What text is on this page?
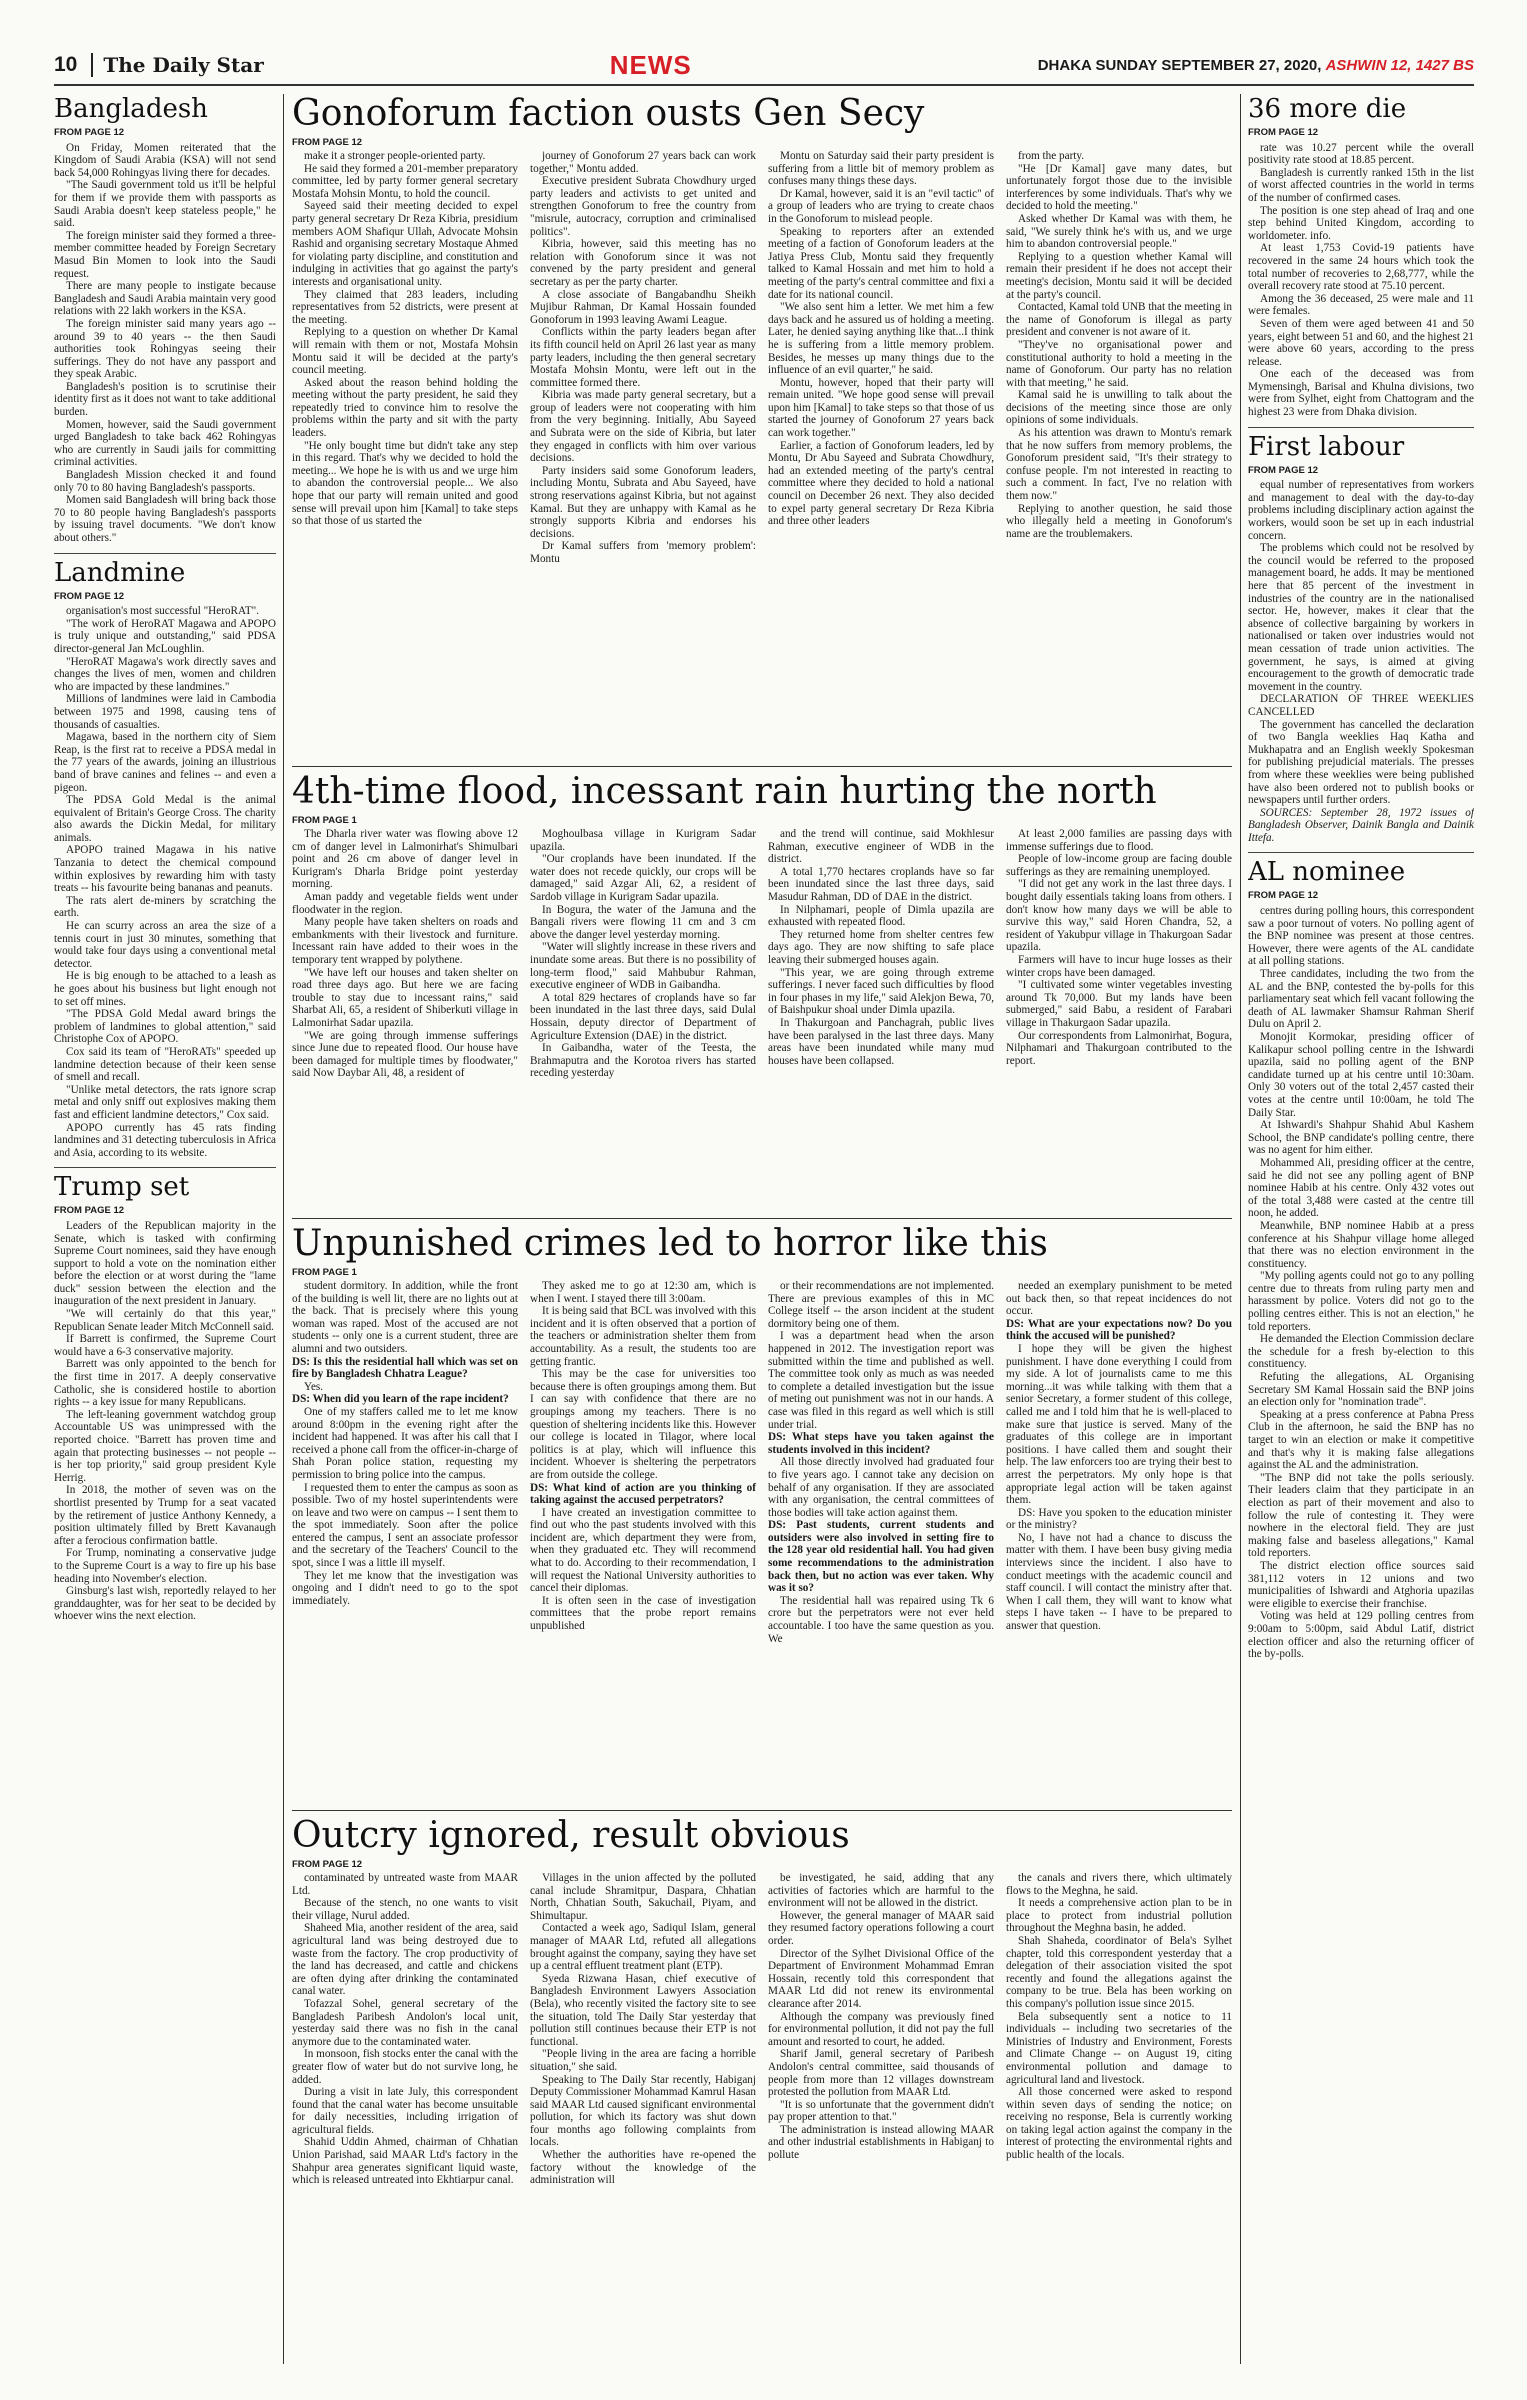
10	The Daily Star	NEWS	DHAKA SUNDAY SEPTEMBER 27, 2020, ASHWIN 12, 1427 BS
Bangladesh
FROM PAGE 12

On Friday, Momen reiterated that the Kingdom of Saudi Arabia (KSA) will not send back 54,000 Rohingyas living there for decades.

"The Saudi government told us it'll be helpful for them if we provide them with passports as Saudi Arabia doesn't keep stateless people," he said.

The foreign minister said they formed a three-member committee headed by Foreign Secretary Masud Bin Momen to look into the Saudi request.

There are many people to instigate because Bangladesh and Saudi Arabia maintain very good relations with 22 lakh workers in the KSA.

The foreign minister said many years ago -- around 39 to 40 years -- the then Saudi authorities took Rohingyas seeing their sufferings. They do not have any passport and they speak Arabic.

Bangladesh's position is to scrutinise their identity first as it does not want to take additional burden.

Momen, however, said the Saudi government urged Bangladesh to take back 462 Rohingyas who are currently in Saudi jails for committing criminal activities.

Bangladesh Mission checked it and found only 70 to 80 having Bangladesh's passports.

Momen said Bangladesh will bring back those 70 to 80 people having Bangladesh's passports by issuing travel documents. "We don't know about others."

Landmine
FROM PAGE 12

organisation's most successful "HeroRAT".

"The work of HeroRAT Magawa and APOPO is truly unique and outstanding," said PDSA director-general Jan McLoughlin.

"HeroRAT Magawa's work directly saves and changes the lives of men, women and children who are impacted by these landmines."

Millions of landmines were laid in Cambodia between 1975 and 1998, causing tens of thousands of casualties.

Magawa, based in the northern city of Siem Reap, is the first rat to receive a PDSA medal in the 77 years of the awards, joining an illustrious band of brave canines and felines -- and even a pigeon.

The PDSA Gold Medal is the animal equivalent of Britain's George Cross. The charity also awards the Dickin Medal, for military animals.

APOPO trained Magawa in his native Tanzania to detect the chemical compound within explosives by rewarding him with tasty treats -- his favourite being bananas and peanuts.

The rats alert de-miners by scratching the earth.

He can scurry across an area the size of a tennis court in just 30 minutes, something that would take four days using a conventional metal detector.

He is big enough to be attached to a leash as he goes about his business but light enough not to set off mines.

"The PDSA Gold Medal award brings the problem of landmines to global attention," said Christophe Cox of APOPO.

Cox said its team of "HeroRATs" speeded up landmine detection because of their keen sense of smell and recall.

"Unlike metal detectors, the rats ignore scrap metal and only sniff out explosives making them fast and efficient landmine detectors," Cox said.

APOPO currently has 45 rats finding landmines and 31 detecting tuberculosis in Africa and Asia, according to its website.

Trump set
FROM PAGE 12

Leaders of the Republican majority in the Senate, which is tasked with confirming Supreme Court nominees, said they have enough support to hold a vote on the nomination either before the election or at worst during the "lame duck" session between the election and the inauguration of the next president in January.

"We will certainly do that this year," Republican Senate leader Mitch McConnell said.

If Barrett is confirmed, the Supreme Court would have a 6-3 conservative majority.

Barrett was only appointed to the bench for the first time in 2017. A deeply conservative Catholic, she is considered hostile to abortion rights -- a key issue for many Republicans.

The left-leaning government watchdog group Accountable US was unimpressed with the reported choice. "Barrett has proven time and again that protecting businesses -- not people -- is her top priority," said group president Kyle Herrig.

In 2018, the mother of seven was on the shortlist presented by Trump for a seat vacated by the retirement of justice Anthony Kennedy, a position ultimately filled by Brett Kavanaugh after a ferocious confirmation battle.

For Trump, nominating a conservative judge to the Supreme Court is a way to fire up his base heading into November's election.

Ginsburg's last wish, reportedly relayed to her granddaughter, was for her seat to be decided by whoever wins the next election.

Gonoforum faction ousts Gen Secy
FROM PAGE 12

make it a stronger people-oriented party.

He said they formed a 201-member preparatory committee, led by party former general secretary Mostafa Mohsin Montu, to hold the council.

Sayeed said their meeting decided to expel party general secretary Dr Reza Kibria, presidium members AOM Shafiqur Ullah, Advocate Mohsin Rashid and organising secretary Mostaque Ahmed for violating party discipline, and constitution and indulging in activities that go against the party's interests and organisational unity.

They claimed that 283 leaders, including representatives from 52 districts, were present at the meeting.

Replying to a question on whether Dr Kamal will remain with them or not, Mostafa Mohsin Montu said it will be decided at the party's council meeting.

Asked about the reason behind holding the meeting without the party president, he said they repeatedly tried to convince him to resolve the problems within the party and sit with the party leaders.

"He only bought time but didn't take any step in this regard. That's why we decided to hold the meeting... We hope he is with us and we urge him to abandon the controversial people... We also hope that our party will remain united and good sense will prevail upon him [Kamal] to take steps so that those of us started the

journey of Gonoforum 27 years back can work together," Montu added.

Executive president Subrata Chowdhury urged party leaders and activists to get united and strengthen Gonoforum to free the country from "misrule, autocracy, corruption and criminalised politics".

Kibria, however, said this meeting has no relation with Gonoforum since it was not convened by the party president and general secretary as per the party charter.

A close associate of Bangabandhu Sheikh Mujibur Rahman, Dr Kamal Hossain founded Gonoforum in 1993 leaving Awami League.

Conflicts within the party leaders began after its fifth council held on April 26 last year as many party leaders, including the then general secretary Mostafa Mohsin Montu, were left out in the committee formed there.

Kibria was made party general secretary, but a group of leaders were not cooperating with him from the very beginning. Initially, Abu Sayeed and Subrata were on the side of Kibria, but later they engaged in conflicts with him over various decisions.

Party insiders said some Gonoforum leaders, including Montu, Subrata and Abu Sayeed, have strong reservations against Kibria, but not against Kamal. But they are unhappy with Kamal as he strongly supports Kibria and endorses his decisions.

Dr Kamal suffers from 'memory problem': Montu

Montu on Saturday said their party president is suffering from a little bit of memory problem as confuses many things these days.

Dr Kamal, however, said it is an "evil tactic" of a group of leaders who are trying to create chaos in the Gonoforum to mislead people.

Speaking to reporters after an extended meeting of a faction of Gonoforum leaders at the Jatiya Press Club, Montu said they frequently talked to Kamal Hossain and met him to hold a meeting of the party's central committee and fixi a date for its national council.

"We also sent him a letter. We met him a few days back and he assured us of holding a meeting. Later, he denied saying anything like that...I think he is suffering from a little memory problem. Besides, he messes up many things due to the influence of an evil quarter," he said.

Montu, however, hoped that their party will remain united. "We hope good sense will prevail upon him [Kamal] to take steps so that those of us started the journey of Gonoforum 27 years back can work together."

Earlier, a faction of Gonoforum leaders, led by Montu, Dr Abu Sayeed and Subrata Chowdhury, had an extended meeting of the party's central committee where they decided to hold a national council on December 26 next. They also decided to expel party general secretary Dr Reza Kibria and three other leaders

from the party.

"He [Dr Kamal] gave many dates, but unfortunately forgot those due to the invisible interferences by some individuals. That's why we decided to hold the meeting."

Asked whether Dr Kamal was with them, he said, "We surely think he's with us, and we urge him to abandon controversial people."

Replying to a question whether Kamal will remain their president if he does not accept their meeting's decision, Montu said it will be decided at the party's council.

Contacted, Kamal told UNB that the meeting in the name of Gonoforum is illegal as party president and convener is not aware of it.

"They've no organisational power and constitutional authority to hold a meeting in the name of Gonoforum. Our party has no relation with that meeting," he said.

Kamal said he is unwilling to talk about the decisions of the meeting since those are only opinions of some individuals.

As his attention was drawn to Montu's remark that he now suffers from memory problems, the Gonoforum president said, "It's their strategy to confuse people. I'm not interested in reacting to such a comment. In fact, I've no relation with them now."

Replying to another question, he said those who illegally held a meeting in Gonoforum's name are the troublemakers.

4th-time flood, incessant rain hurting the north
FROM PAGE 1

The Dharla river water was flowing above 12 cm of danger level in Lalmonirhat's Shimulbari point and 26 cm above of danger level in Kurigram's Dharla Bridge point yesterday morning.

Aman paddy and vegetable fields went under floodwater in the region.

Many people have taken shelters on roads and embankments with their livestock and furniture. Incessant rain have added to their woes in the temporary tent wrapped by polythene.

"We have left our houses and taken shelter on road three days ago. But here we are facing trouble to stay due to incessant rains," said Sharbat Ali, 65, a resident of Shiberkuti village in Lalmonirhat Sadar upazila.

"We are going through immense sufferings since June due to repeated flood. Our house have been damaged for multiple times by floodwater," said Now Daybar Ali, 48, a resident of

Moghoulbasa village in Kurigram Sadar upazila.

"Our croplands have been inundated. If the water does not recede quickly, our crops will be damaged," said Azgar Ali, 62, a resident of Sardob village in Kurigram Sadar upazila.

In Bogura, the water of the Jamuna and the Bangali rivers were flowing 11 cm and 3 cm above the danger level yesterday morning.

"Water will slightly increase in these rivers and inundate some areas. But there is no possibility of long-term flood," said Mahbubur Rahman, executive engineer of WDB in Gaibandha.

A total 829 hectares of croplands have so far been inundated in the last three days, said Dulal Hossain, deputy director of Department of Agriculture Extension (DAE) in the district.

In Gaibandha, water of the Teesta, the Brahmaputra and the Korotoa rivers has started receding yesterday

and the trend will continue, said Mokhlesur Rahman, executive engineer of WDB in the district.

A total 1,770 hectares croplands have so far been inundated since the last three days, said Masudur Rahman, DD of DAE in the district.

In Nilphamari, people of Dimla upazila are exhausted with repeated flood.

They returned home from shelter centres few days ago. They are now shifting to safe place leaving their submerged houses again.

"This year, we are going through extreme sufferings. I never faced such difficulties by flood in four phases in my life," said Alekjon Bewa, 70, of Baishpukur shoal under Dimla upazila.

In Thakurgoan and Panchagrah, public lives have been paralysed in the last three days. Many areas have been inundated while many mud houses have been collapsed.

At least 2,000 families are passing days with immense sufferings due to flood.

People of low-income group are facing double sufferings as they are remaining unemployed.

"I did not get any work in the last three days. I bought daily essentials taking loans from others. I don't know how many days we will be able to survive this way," said Horen Chandra, 52, a resident of Yakubpur village in Thakurgoan Sadar upazila.

Farmers will have to incur huge losses as their winter crops have been damaged.

"I cultivated some winter vegetables investing around Tk 70,000. But my lands have been submerged," said Babu, a resident of Farabari village in Thakurgaon Sadar upazila.

Our correspondents from Lalmonirhat, Bogura, Nilphamari and Thakurgoan contributed to the report.

Unpunished crimes led to horror like this
FROM PAGE 1

student dormitory. In addition, while the front of the building is well lit, there are no lights out at the back. That is precisely where this young woman was raped. Most of the accused are not students -- only one is a current student, three are alumni and two outsiders.

DS: Is this the residential hall which was set on fire by Bangladesh Chhatra League?

Yes.

DS: When did you learn of the rape incident?

One of my staffers called me to let me know around 8:00pm in the evening right after the incident had happened. It was after his call that I received a phone call from the officer-in-charge of Shah Poran police station, requesting my permission to bring police into the campus.

I requested them to enter the campus as soon as possible. Two of my hostel superintendents were on leave and two were on campus -- I sent them to the spot immediately. Soon after the police entered the campus, I sent an associate professor and the secretary of the Teachers' Council to the spot, since I was a little ill myself.

They let me know that the investigation was ongoing and I didn't need to go to the spot immediately.

They asked me to go at 12:30 am, which is when I went. I stayed there till 3:00am.

It is being said that BCL was involved with this incident and it is often observed that a portion of the teachers or administration shelter them from accountability. As a result, the students too are getting frantic.

This may be the case for universities too because there is often groupings among them. But I can say with confidence that there are no groupings among my teachers. There is no question of sheltering incidents like this. However our college is located in Tilagor, where local politics is at play, which will influence this incident. Whoever is sheltering the perpetrators are from outside the college.

DS: What kind of action are you thinking of taking against the accused perpetrators?

I have created an investigation committee to find out who the past students involved with this incident are, which department they were from, when they graduated etc. They will recommend what to do. According to their recommendation, I will request the National University authorities to cancel their diplomas.

It is often seen in the case of investigation committees that the probe report remains unpublished

or their recommendations are not implemented. There are previous examples of this in MC College itself -- the arson incident at the student dormitory being one of them.

I was a department head when the arson happened in 2012. The investigation report was submitted within the time and published as well. The committee took only as much as was needed to complete a detailed investigation but the issue of meting out punishment was not in our hands. A case was filed in this regard as well which is still under trial.

DS: What steps have you taken against the students involved in this incident?

All those directly involved had graduated four to five years ago. I cannot take any decision on behalf of any organisation. If they are associated with any organisation, the central committees of those bodies will take action against them.

DS: Past students, current students and outsiders were also involved in setting fire to the 128 year old residential hall. You had given some recommendations to the administration back then, but no action was ever taken. Why was it so?

The residential hall was repaired using Tk 6 crore but the perpetrators were not ever held accountable. I too have the same question as you. We

needed an exemplary punishment to be meted out back then, so that repeat incidences do not occur.

DS: What are your expectations now? Do you think the accused will be punished?

I hope they will be given the highest punishment. I have done everything I could from my side. A lot of journalists came to me this morning...it was while talking with them that a senior Secretary, a former student of this college, called me and I told him that he is well-placed to make sure that justice is served. Many of the graduates of this college are in important positions. I have called them and sought their help. The law enforcers too are trying their best to arrest the perpetrators. My only hope is that appropriate legal action will be taken against them.

DS: Have you spoken to the education minister or the ministry?

No, I have not had a chance to discuss the matter with them. I have been busy giving media interviews since the incident. I also have to conduct meetings with the academic council and staff council. I will contact the ministry after that. When I call them, they will want to know what steps I have taken -- I have to be prepared to answer that question.

Outcry ignored, result obvious
FROM PAGE 12

contaminated by untreated waste from MAAR Ltd.

Because of the stench, no one wants to visit their village, Nurul added.

Shaheed Mia, another resident of the area, said agricultural land was being destroyed due to waste from the factory. The crop productivity of the land has decreased, and cattle and chickens are often dying after drinking the contaminated canal water.

Tofazzal Sohel, general secretary of the Bangladesh Paribesh Andolon's local unit, yesterday said there was no fish in the canal anymore due to the contaminated water.

In monsoon, fish stocks enter the canal with the greater flow of water but do not survive long, he added.

During a visit in late July, this correspondent found that the canal water has become unsuitable for daily necessities, including irrigation of agricultural fields.

Shahid Uddin Ahmed, chairman of Chhatian Union Parishad, said MAAR Ltd's factory in the Shahpur area generates significant liquid waste, which is released untreated into Ekhtiarpur canal.

Villages in the union affected by the polluted canal include Shramitpur, Daspara, Chhatian North, Chhatian South, Sakuchail, Piyam, and Shimultapur.

Contacted a week ago, Sadiqul Islam, general manager of MAAR Ltd, refuted all allegations brought against the company, saying they have set up a central effluent treatment plant (ETP).

Syeda Rizwana Hasan, chief executive of Bangladesh Environment Lawyers Association (Bela), who recently visited the factory site to see the situation, told The Daily Star yesterday that pollution still continues because their ETP is not functional.

"People living in the area are facing a horrible situation," she said.

Speaking to The Daily Star recently, Habiganj Deputy Commissioner Mohammad Kamrul Hasan said MAAR Ltd caused significant environmental pollution, for which its factory was shut down four months ago following complaints from locals.

Whether the authorities have re-opened the factory without the knowledge of the administration will

be investigated, he said, adding that any activities of factories which are harmful to the environment will not be allowed in the district.

However, the general manager of MAAR said they resumed factory operations following a court order.

Director of the Sylhet Divisional Office of the Department of Environment Mohammad Emran Hossain, recently told this correspondent that MAAR Ltd did not renew its environmental clearance after 2014.

Although the company was previously fined for environmental pollution, it did not pay the full amount and resorted to court, he added.

Sharif Jamil, general secretary of Paribesh Andolon's central committee, said thousands of people from more than 12 villages downstream protested the pollution from MAAR Ltd.

"It is so unfortunate that the government didn't pay proper attention to that."

The administration is instead allowing MAAR and other industrial establishments in Habiganj to pollute

the canals and rivers there, which ultimately flows to the Meghna, he said.

It needs a comprehensive action plan to be in place to protect from industrial pollution throughout the Meghna basin, he added.

Shah Shaheda, coordinator of Bela's Sylhet chapter, told this correspondent yesterday that a delegation of their association visited the spot recently and found the allegations against the company to be true. Bela has been working on this company's pollution issue since 2015.

Bela subsequently sent a notice to 11 individuals -- including two secretaries of the Ministries of Industry and Environment, Forests and Climate Change -- on August 19, citing environmental pollution and damage to agricultural land and livestock.

All those concerned were asked to respond within seven days of sending the notice; on receiving no response, Bela is currently working on taking legal action against the company in the interest of protecting the environmental rights and public health of the locals.

36 more die
FROM PAGE 12

rate was 10.27 percent while the overall positivity rate stood at 18.85 percent.

Bangladesh is currently ranked 15th in the list of worst affected countries in the world in terms of the number of confirmed cases.

The position is one step ahead of Iraq and one step behind United Kingdom, according to worldometer. info.

At least 1,753 Covid-19 patients have recovered in the same 24 hours which took the total number of recoveries to 2,68,777, while the overall recovery rate stood at 75.10 percent.

Among the 36 deceased, 25 were male and 11 were females.

Seven of them were aged between 41 and 50 years, eight between 51 and 60, and the highest 21 were above 60 years, according to the press release.

One each of the deceased was from Mymensingh, Barisal and Khulna divisions, two were from Sylhet, eight from Chattogram and the highest 23 were from Dhaka division.

First labour
FROM PAGE 12

equal number of representatives from workers and management to deal with the day-to-day problems including disciplinary action against the workers, would soon be set up in each industrial concern.

The problems which could not be resolved by the council would be referred to the proposed management board, he adds. It may be mentioned here that 85 percent of the investment in industries of the country are in the nationalised sector. He, however, makes it clear that the absence of collective bargaining by workers in nationalised or taken over industries would not mean cessation of trade union activities. The government, he says, is aimed at giving encouragement to the growth of democratic trade movement in the country.

DECLARATION OF THREE WEEKLIES CANCELLED

The government has cancelled the declaration of two Bangla weeklies Haq Katha and Mukhapatra and an English weekly Spokesman for publishing prejudicial materials. The presses from where these weeklies were being published have also been ordered not to publish books or newspapers until further orders.

SOURCES: September 28, 1972 issues of Bangladesh Observer, Dainik Bangla and Dainik Ittefa.

AL nominee
FROM PAGE 12

centres during polling hours, this correspondent saw a poor turnout of voters. No polling agent of the BNP nominee was present at those centres. However, there were agents of the AL candidate at all polling stations.

Three candidates, including the two from the AL and the BNP, contested the by-polls for this parliamentary seat which fell vacant following the death of AL lawmaker Shamsur Rahman Sherif Dulu on April 2.

Monojit Kormokar, presiding officer of Kalikapur school polling centre in the Ishwardi upazila, said no polling agent of the BNP candidate turned up at his centre until 10:30am. Only 30 voters out of the total 2,457 casted their votes at the centre until 10:00am, he told The Daily Star.

At Ishwardi's Shahpur Shahid Abul Kashem School, the BNP candidate's polling centre, there was no agent for him either.

Mohammed Ali, presiding officer at the centre, said he did not see any polling agent of BNP nominee Habib at his centre. Only 432 votes out of the total 3,488 were casted at the centre till noon, he added.

Meanwhile, BNP nominee Habib at a press conference at his Shahpur village home alleged that there was no election environment in the constituency.

"My polling agents could not go to any polling centre due to threats from ruling party men and harassment by police. Voters did not go to the polling centres either. This is not an election," he told reporters.

He demanded the Election Commission declare the schedule for a fresh by-election to this constituency.

Refuting the allegations, AL Organising Secretary SM Kamal Hossain said the BNP joins an election only for "nomination trade".

Speaking at a press conference at Pabna Press Club in the afternoon, he said the BNP has no target to win an election or make it competitive and that's why it is making false allegations against the AL and the administration.

"The BNP did not take the polls seriously. Their leaders claim that they participate in an election as part of their movement and also to follow the rule of contesting it. They were nowhere in the electoral field. They are just making false and baseless allegations," Kamal told reporters.

The district election office sources said 381,112 voters in 12 unions and two municipalities of Ishwardi and Atghoria upazilas were eligible to exercise their franchise.

Voting was held at 129 polling centres from 9:00am to 5:00pm, said Abdul Latif, district election officer and also the returning officer of the by-polls.
